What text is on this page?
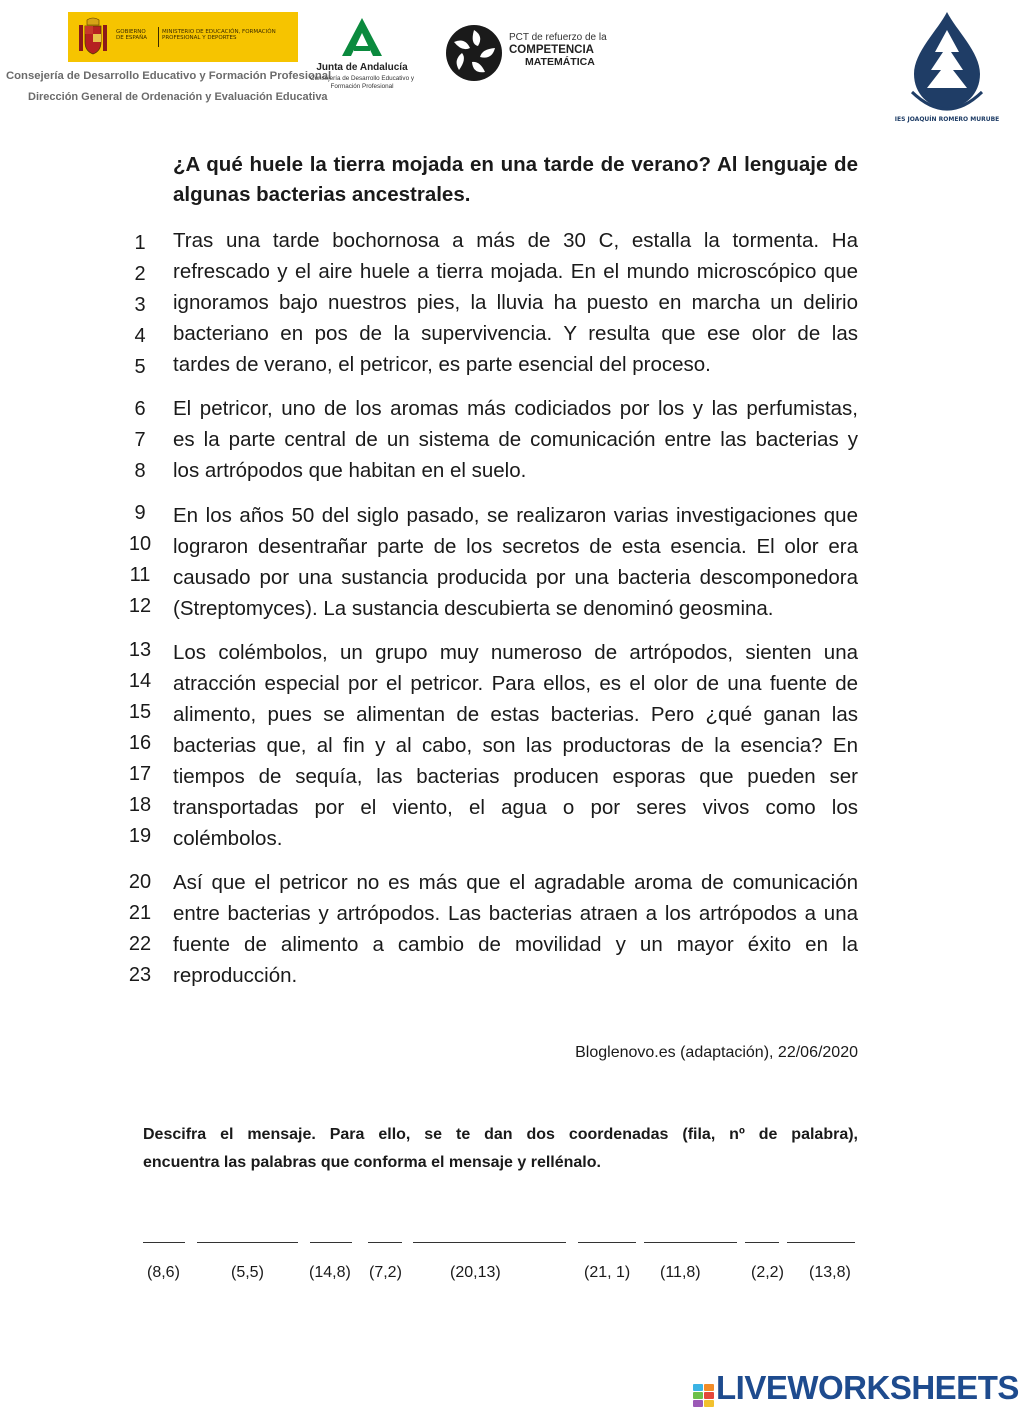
GOBIERNO DE ESPAÑA
MINISTERIO DE EDUCACIÓN, FORMACIÓN PROFESIONAL Y DEPORTES
Consejería de Desarrollo Educativo y Formación Profesional
Dirección General de Ordenación y Evaluación Educativa
Junta de Andalucía
Consejería de Desarrollo Educativo y Formación Profesional
PCT de refuerzo de la
COMPETENCIA
MATEMÁTICA
IES JOAQUÍN ROMERO MURUBE
¿A qué huele la tierra mojada en una tarde de verano? Al lenguaje de
algunas bacterias ancestrales.
1
2
3
4
5
Tras una tarde bochornosa a más de 30 C, estalla la tormenta. Ha
refrescado y el aire huele a tierra mojada. En el mundo microscópico que
ignoramos bajo nuestros pies, la lluvia ha puesto en marcha un delirio
bacteriano en pos de la supervivencia. Y resulta que ese olor de las
tardes de verano, el petricor, es parte esencial del proceso.
6
7
8
El petricor, uno de los aromas más codiciados por los y las perfumistas,
es la parte central de un sistema de comunicación entre las bacterias y
los artrópodos que habitan en el suelo.
9
10
11
12
En los años 50 del siglo pasado, se realizaron varias investigaciones que
lograron desentrañar parte de los secretos de esta esencia. El olor era
causado por una sustancia producida por una bacteria descomponedora
(Streptomyces). La sustancia descubierta se denominó geosmina.
13
14
15
16
17
18
19
Los colémbolos, un grupo muy numeroso de artrópodos, sienten una
atracción especial por el petricor. Para ellos, es el olor de una fuente de
alimento, pues se alimentan de estas bacterias. Pero ¿qué ganan las
bacterias que, al fin y al cabo, son las productoras de la esencia? En
tiempos de sequía, las bacterias producen esporas que pueden ser
transportadas por el viento, el agua o por seres vivos como los
colémbolos.
20
21
22
23
Así que el petricor no es más que el agradable aroma de comunicación
entre bacterias y artrópodos. Las bacterias atraen a los artrópodos a una
fuente de alimento a cambio de movilidad y un mayor éxito en la
reproducción.
Bloglenovo.es (adaptación), 22/06/2020
Descifra el mensaje. Para ello, se te dan dos coordenadas (fila, nº de palabra),
encuentra las palabras que conforma el mensaje y rellénalo.
(8,6)	(5,5)	(14,8) (7,2)	(20,13)	(21, 1) (11,8)	(2,2) (13,8)
LIVEWORKSHEETS
